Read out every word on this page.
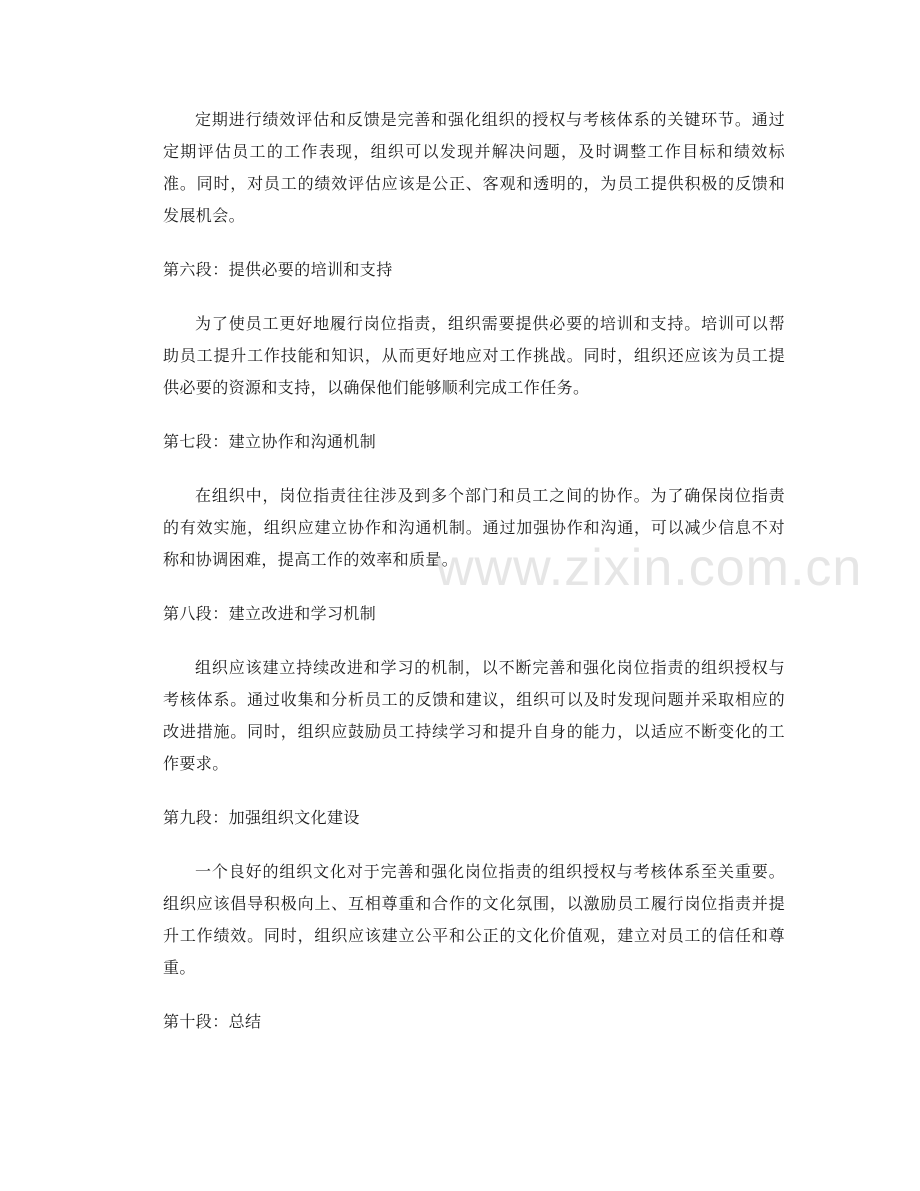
定期进行绩效评估和反馈是完善和强化组织的授权与考核体系的关键环节。通过定期评估员工的工作表现，组织可以发现并解决问题，及时调整工作目标和绩效标准。同时，对员工的绩效评估应该是公正、客观和透明的，为员工提供积极的反馈和发展机会。

第六段：提供必要的培训和支持

为了使员工更好地履行岗位指责，组织需要提供必要的培训和支持。培训可以帮助员工提升工作技能和知识，从而更好地应对工作挑战。同时，组织还应该为员工提供必要的资源和支持，以确保他们能够顺利完成工作任务。

第七段：建立协作和沟通机制

在组织中，岗位指责往往涉及到多个部门和员工之间的协作。为了确保岗位指责的有效实施，组织应建立协作和沟通机制。通过加强协作和沟通，可以减少信息不对称和协调困难，提高工作的效率和质量。

第八段：建立改进和学习机制

组织应该建立持续改进和学习的机制，以不断完善和强化岗位指责的组织授权与考核体系。通过收集和分析员工的反馈和建议，组织可以及时发现问题并采取相应的改进措施。同时，组织应鼓励员工持续学习和提升自身的能力，以适应不断变化的工作要求。

第九段：加强组织文化建设

一个良好的组织文化对于完善和强化岗位指责的组织授权与考核体系至关重要。组织应该倡导积极向上、互相尊重和合作的文化氛围，以激励员工履行岗位指责并提升工作绩效。同时，组织应该建立公平和公正的文化价值观，建立对员工的信任和尊重。

第十段：总结

www.zixin.com.cn
